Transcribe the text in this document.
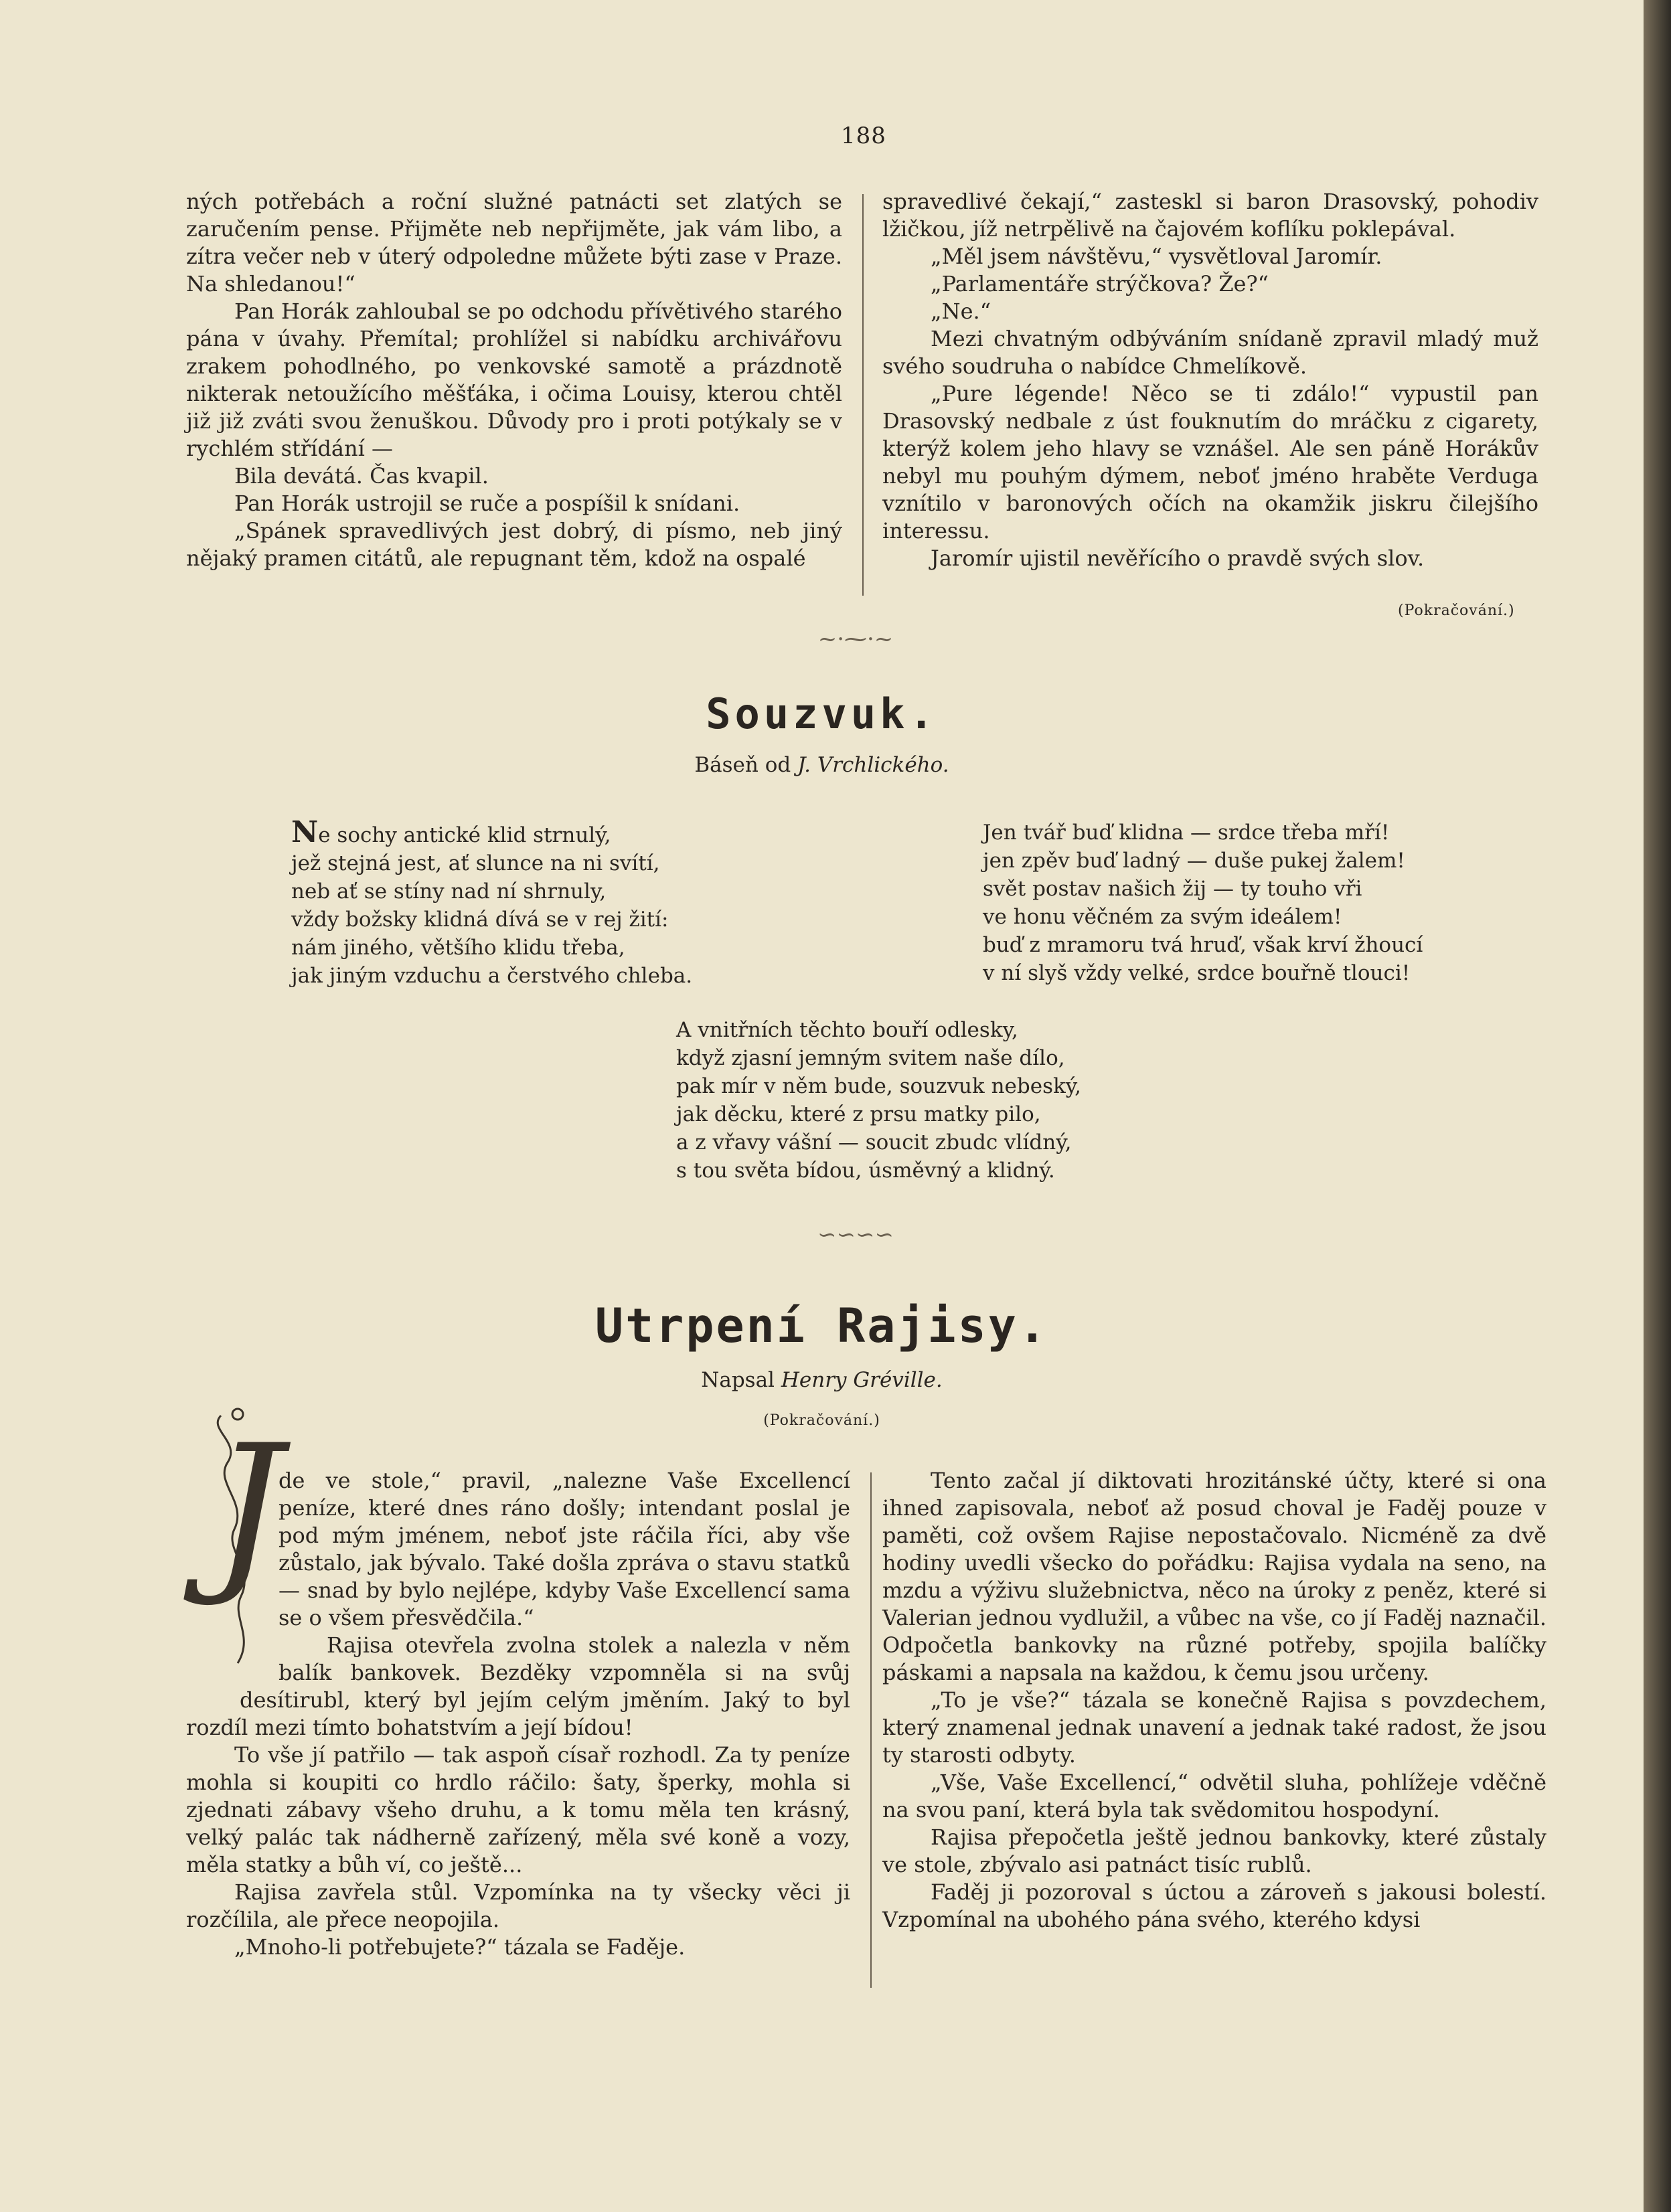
188

ných potřebách a roční služné patnácti set zlatých se zaručením pense. Přijměte neb nepřijměte, jak vám libo, a zítra večer neb v úterý odpoledne můžete býti zase v Praze. Na shledanou!“

Pan Horák zahloubal se po odchodu přívětivého starého pána v úvahy. Přemítal; prohlížel si nabídku archivářovu zrakem pohodlného, po venkovské samotě a prázdnotě nikterak netoužícího měšťáka, i očima Louisy, kterou chtěl již již zváti svou ženuškou. Důvody pro i proti potýkaly se v rychlém střídání —

Bila devátá. Čas kvapil.

Pan Horák ustrojil se ruče a pospíšil k snídani.

„Spánek spravedlivých jest dobrý, di písmo, neb jiný nějaký pramen citátů, ale repugnant těm, kdož na ospalé

spravedlivé čekají,“ zasteskl si baron Drasovský, pohodiv lžičkou, jíž netrpělivě na čajovém koflíku poklepával.

„Měl jsem návštěvu,“ vysvětloval Jaromír.

„Parlamentáře strýčkova? Že?“

„Ne.“

Mezi chvatným odbýváním snídaně zpravil mladý muž svého soudruha o nabídce Chmelíkově.

„Pure légende! Něco se ti zdálo!“ vypustil pan Drasovský nedbale z úst fouknutím do mráčku z cigarety, kterýž kolem jeho hlavy se vznášel. Ale sen páně Horákův nebyl mu pouhým dýmem, neboť jméno hraběte Verduga vznítilo v baronových očích na okamžik jiskru čilejšího interessu.

Jaromír ujistil nevěřícího o pravdě svých slov.

(Pokračování.)
~·⁓·~
Souzvuk.
Báseň od J. Vrchlického.
Ne sochy antické klid strnulý,
jež stejná jest, ať slunce na ni svítí,
neb ať se stíny nad ní shrnuly,
vždy božsky klidná dívá se v rej žití:
nám jiného, většího klidu třeba,
jak jiným vzduchu a čerstvého chleba.
Jen tvář buď klidna — srdce třeba mří!
jen zpěv buď ladný — duše pukej žalem!
svět postav našich žij — ty touho vři
ve honu věčném za svým ideálem!
buď z mramoru tvá hruď, však krví žhoucí
v ní slyš vždy velké, srdce bouřně tlouci!
A vnitřních těchto bouří odlesky,
když zjasní jemným svitem naše dílo,
pak mír v něm bude, souzvuk nebeský,
jak děcku, které z prsu matky pilo,
a z vřavy vášní — soucit zbudc vlídný,
s tou světa bídou, úsměvný a klidný.
∽∽∽∽
Utrpení Rajisy.
Napsal Henry Gréville.
(Pokračování.)
J

de ve stole,“ pravil, „nalezne Vaše Excellencí peníze, které dnes ráno došly; intendant poslal je pod mým jménem, neboť jste ráčila říci, aby vše zůstalo, jak bývalo. Také došla zpráva o stavu statků — snad by bylo nejlépe, kdyby Vaše Excellencí sama se o všem přesvědčila.“

Rajisa otevřela zvolna stolek a nalezla v něm balík bankovek. Bezděky vzpomněla si na svůj desítirubl, který byl jejím celým jměním. Jaký to byl rozdíl mezi tímto bohatstvím a její bídou!

To vše jí patřilo — tak aspoň císař rozhodl. Za ty peníze mohla si koupiti co hrdlo ráčilo: šaty, šperky, mohla si zjednati zábavy všeho druhu, a k tomu měla ten krásný, velký palác tak nádherně zařízený, měla své koně a vozy, měla statky a bůh ví, co ještě...

Rajisa zavřela stůl. Vzpomínka na ty všecky věci ji rozčílila, ale přece neopojila.

„Mnoho-li potřebujete?“ tázala se Faděje.

Tento začal jí diktovati hrozitánské účty, které si ona ihned zapisovala, neboť až posud choval je Faděj pouze v paměti, což ovšem Rajise nepostačovalo. Nicméně za dvě hodiny uvedli všecko do pořádku: Rajisa vydala na seno, na mzdu a výživu služebnictva, něco na úroky z peněz, které si Valerian jednou vydlužil, a vůbec na vše, co jí Faděj naznačil. Odpočetla bankovky na různé potřeby, spojila balíčky páskami a napsala na každou, k čemu jsou určeny.

„To je vše?“ tázala se konečně Rajisa s povzdechem, který znamenal jednak unavení a jednak také radost, že jsou ty starosti odbyty.

„Vše, Vaše Excellencí,“ odvětil sluha, pohlížeje vděčně na svou paní, která byla tak svědomitou hospodyní.

Rajisa přepočetla ještě jednou bankovky, které zůstaly ve stole, zbývalo asi patnáct tisíc rublů.

Faděj ji pozoroval s úctou a zároveň s jakousi bolestí. Vzpomínal na ubohého pána svého, kterého kdysi
